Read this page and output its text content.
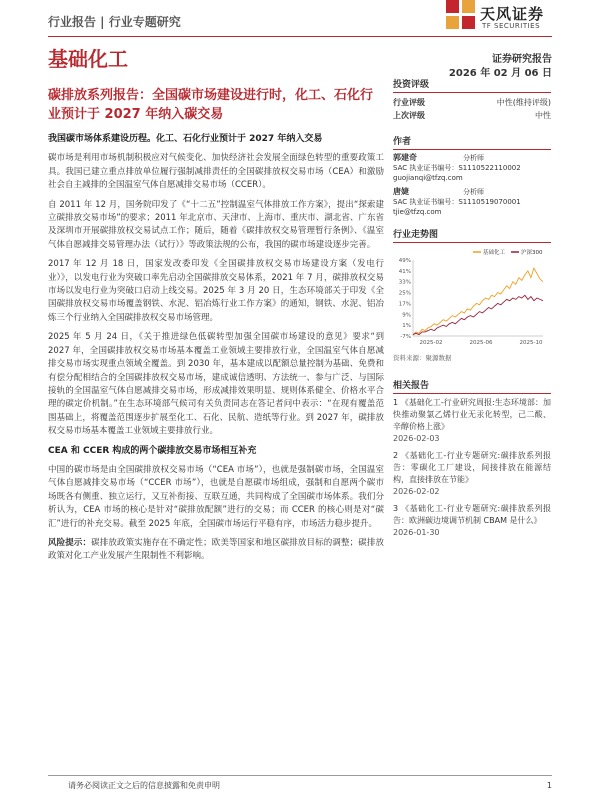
行业报告 | 行业专题研究	天风证券
TF SECURITIES
基础化工	证券研究报告
2026 年 02 月 06 日
碳排放系列报告：全国碳市场建设进行时，化工、石化行业预计于 2027 年纳入碳交易
我国碳市场体系建设历程。化工、石化行业预计于 2027 年纳入交易

碳市场是利用市场机制积极应对气候变化、加快经济社会发展全面绿色转型的重要政策工具。我国已建立重点排放单位履行强制减排责任的全国碳排放权交易市场（CEA）和激励社会自主减排的全国温室气体自愿减排交易市场（CCER）。

自 2011 年 12 月，国务院印发了《“十二五”控制温室气体排放工作方案》，提出“探索建立碳排放交易市场”的要求；2011 年北京市、天津市、上海市、重庆市、湖北省、广东省及深圳市开展碳排放权交易试点工作；随后，随着《碳排放权交易管理暂行条例》、《温室气体自愿减排交易管理办法（试行）》等政策法规的公布，我国的碳市场建设逐步完善。

2017 年 12 月 18 日，国家发改委印发《全国碳排放权交易市场建设方案（发电行业）》，以发电行业为突破口率先启动全国碳排放交易体系，2021 年 7 月，碳排放权交易市场以发电行业为突破口启动上线交易。2025 年 3 月 20 日，生态环境部关于印发《全国碳排放权交易市场覆盖钢铁、水泥、铝冶炼行业工作方案》的通知，钢铁、水泥、铝冶炼三个行业纳入全国碳排放权交易市场管理。

2025 年 5 月 24 日，《关于推进绿色低碳转型加强全国碳市场建设的意见》要求“到 2027 年，全国碳排放权交易市场基本覆盖工业领域主要排放行业，全国温室气体自愿减排交易市场实现重点领域全覆盖。到 2030 年，基本建成以配额总量控制为基础、免费和有偿分配相结合的全国碳排放权交易市场，建成诚信透明、方法统一、参与广泛、与国际接轨的全国温室气体自愿减排交易市场，形成减排效果明显、规则体系健全、价格水平合理的碳定价机制。”在生态环境部气候司有关负责同志在答记者问中表示：“在现有覆盖范围基础上，将覆盖范围逐步扩展至化工、石化、民航、造纸等行业。到 2027 年，碳排放权交易市场基本覆盖工业领域主要排放行业。

CEA 和 CCER 构成的两个碳排放交易市场相互补充

中国的碳市场是由全国碳排放权交易市场（“CEA 市场”），也就是强制碳市场，全国温室气体自愿减排交易市场（“CCER 市场”），也就是自愿碳市场组成，强制和自愿两个碳市场既各有侧重、独立运行，又互补衔接、互联互通，共同构成了全国碳市场体系。我们分析认为，CEA 市场的核心是针对“碳排放配额”进行的交易；而 CCER 的核心则是对“碳汇”进行的补充交易。截至 2025 年底，全国碳市场运行平稳有序，市场活力稳步提升。

风险提示：碳排放政策实施存在不确定性；欧美等国家和地区碳排放目标的调整；碳排放政策对化工产业发展产生限制性不利影响。

投资评级
行业评级	中性(维持评级)
上次评级	中性
作者
郭建奇	分析师
SAC 执业证书编号：S1110522110002
guojianqi@tfzq.com
唐婕	分析师
SAC 执业证书编号：S1110519070001
tjie@tfzq.com
行业走势图
49%
41%
33%
25%
17%
9%
1%
-7%
2025-02	2025-06	2025-10
基础化工	沪深300
资料来源：聚源数据
相关报告
1 《基础化工-行业研究周报:生态环境部：加快推动聚氯乙烯行业无汞化转型，己二酸、辛醇价格上涨》
2026-02-03
2 《基础化工-行业专题研究:碳排放系列报告：零碳化工厂建设，间接排放在能源结构，直接排放在节能》
2026-02-02
3 《基础化工-行业专题研究:碳排放系列报告：欧洲碳边境调节机制 CBAM 是什么》
2026-01-30
请务必阅读正文之后的信息披露和免责申明	1
